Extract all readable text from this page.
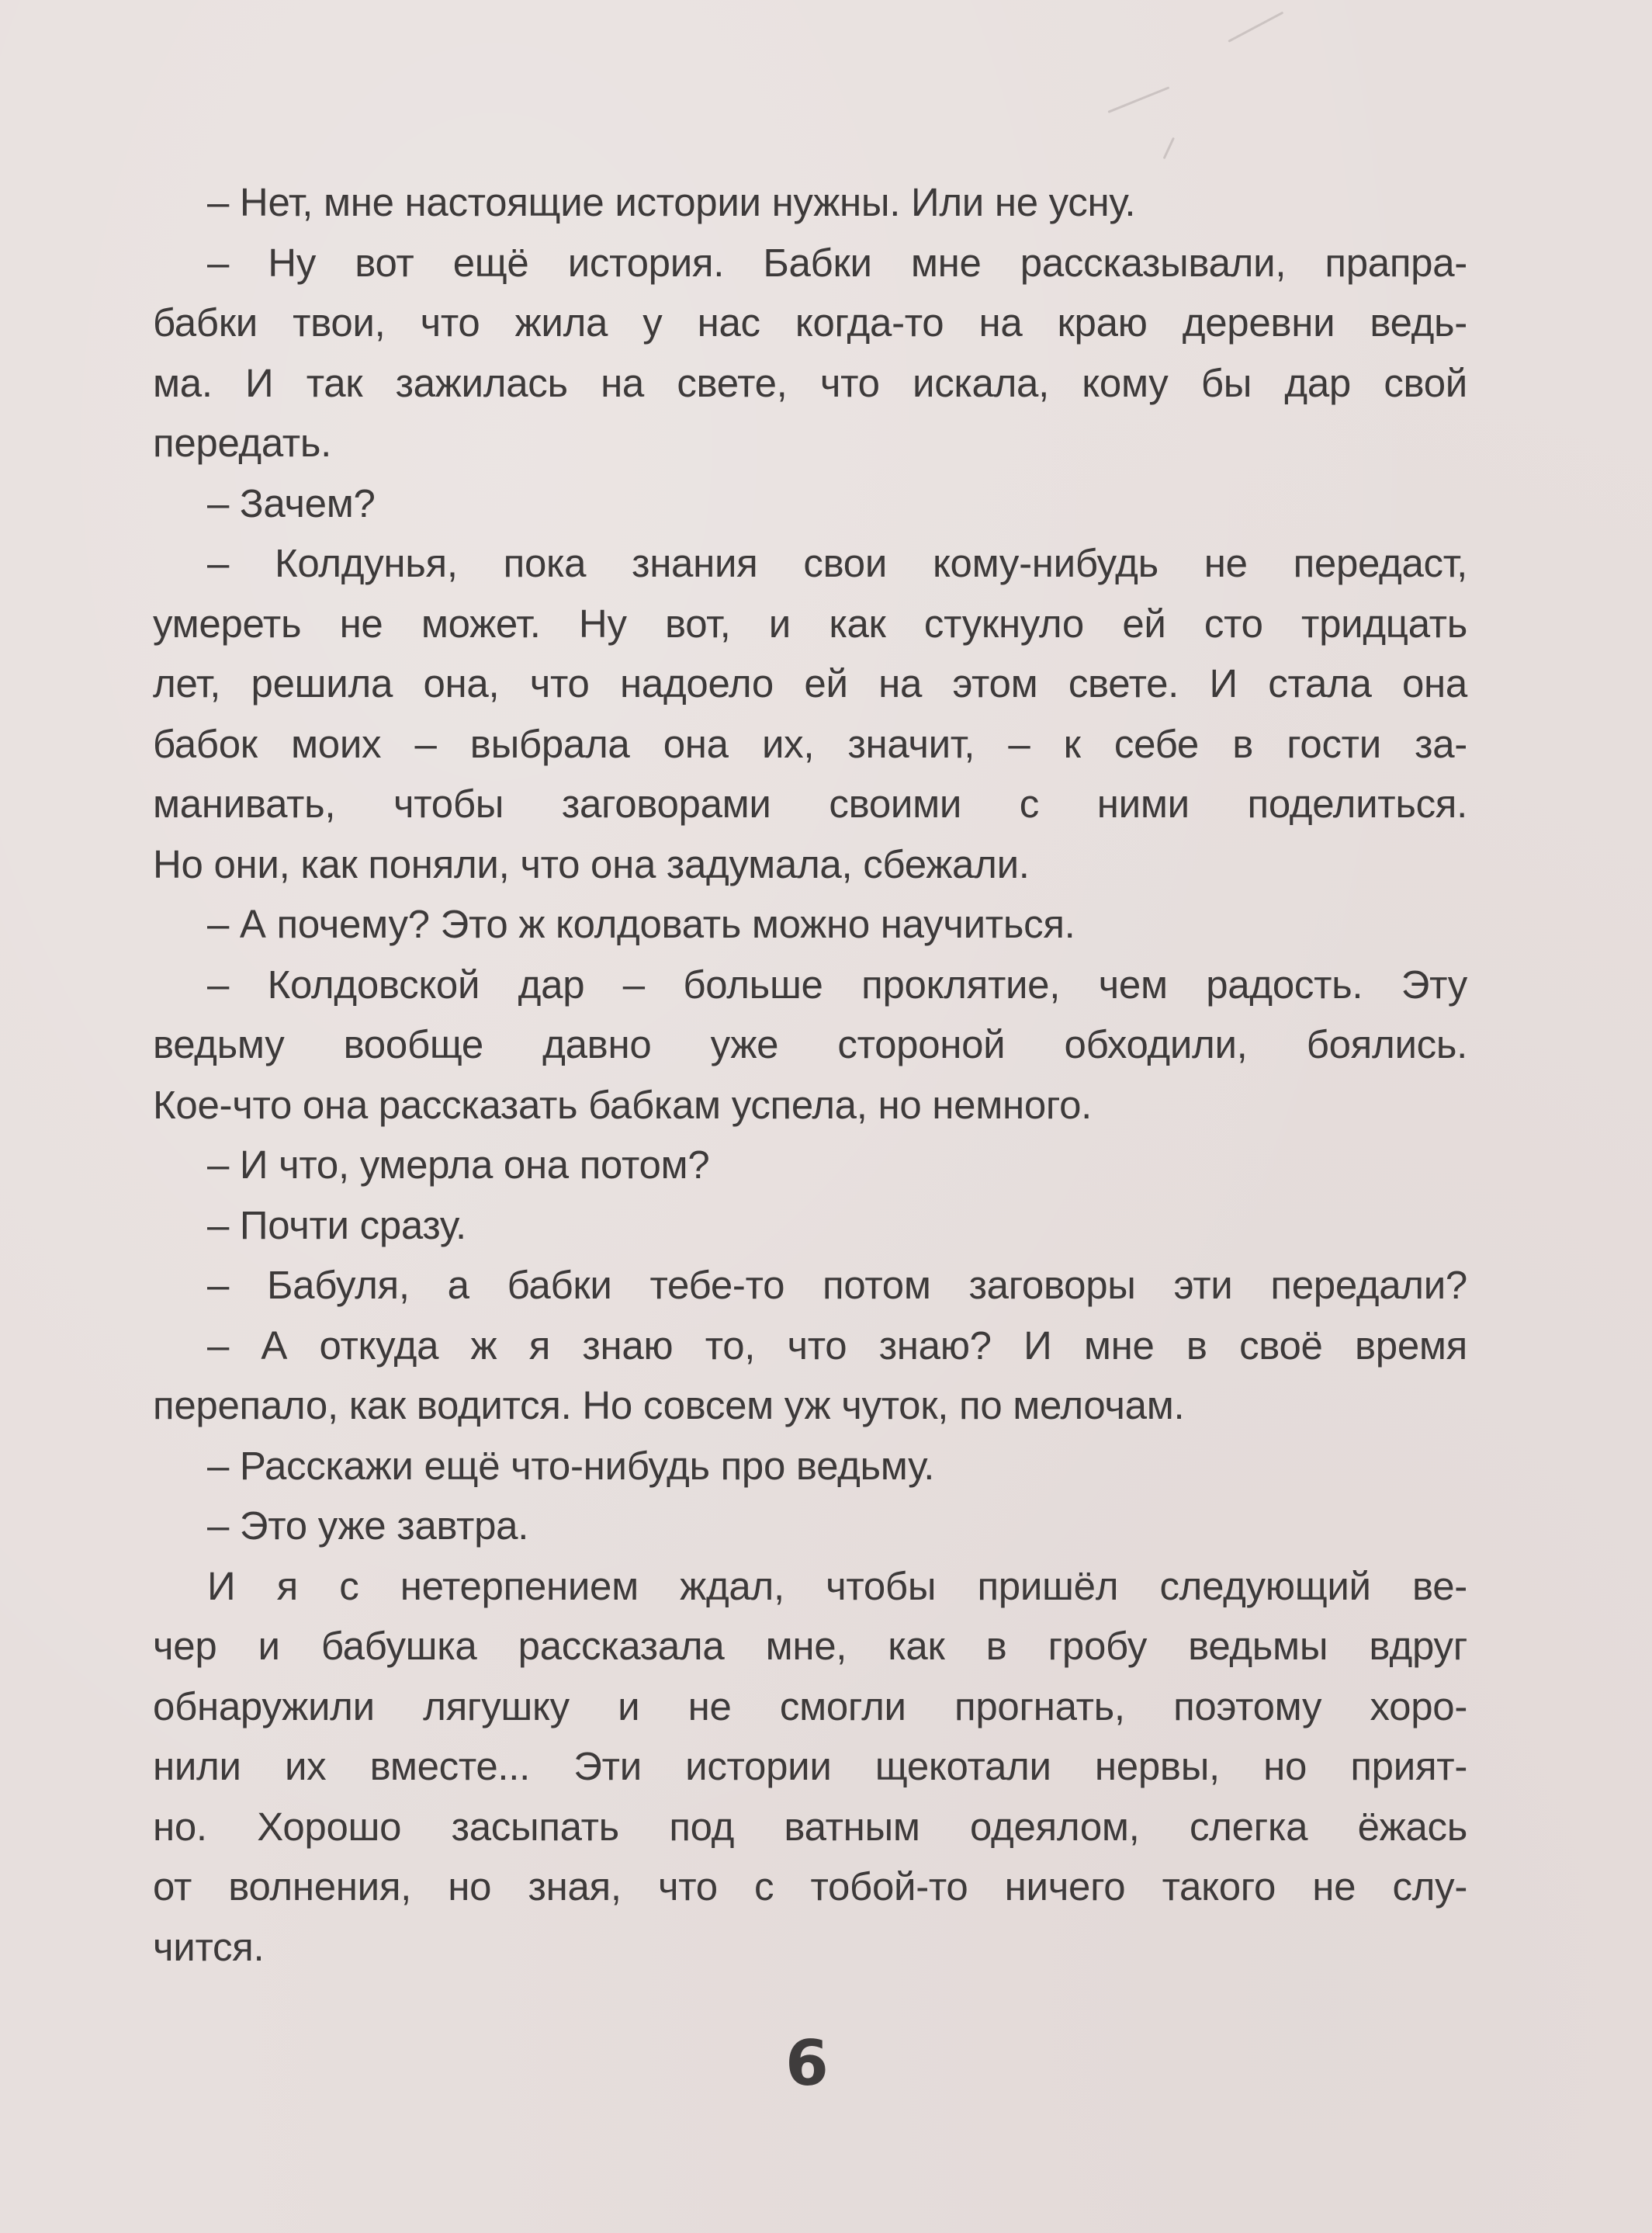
– Нет, мне настоящие истории нужны. Или не усну.
– Ну вот ещё история. Бабки мне рассказывали, прапра-
бабки твои, что жила у нас когда-то на краю деревни ведь-
ма. И так зажилась на свете, что искала, кому бы дар свой
передать.
– Зачем?
– Колдунья, пока знания свои кому-нибудь не передаст,
умереть не может. Ну вот, и как стукнуло ей сто тридцать
лет, решила она, что надоело ей на этом свете. И стала она
бабок моих – выбрала она их, значит, – к себе в гости за-
манивать, чтобы заговорами своими с ними поделиться.
Но они, как поняли, что она задумала, сбежали.
– А почему? Это ж колдовать можно научиться.
– Колдовской дар – больше проклятие, чем радость. Эту
ведьму вообще давно уже стороной обходили, боялись.
Кое-что она рассказать бабкам успела, но немного.
– И что, умерла она потом?
– Почти сразу.
– Бабуля, а бабки тебе-то потом заговоры эти передали?
– А откуда ж я знаю то, что знаю? И мне в своё время
перепало, как водится. Но совсем уж чуток, по мелочам.
– Расскажи ещё что-нибудь про ведьму.
– Это уже завтра.
И я с нетерпением ждал, чтобы пришёл следующий ве-
чер и бабушка рассказала мне, как в гробу ведьмы вдруг
обнаружили лягушку и не смогли прогнать, поэтому хоро-
нили их вместе... Эти истории щекотали нервы, но прият-
но. Хорошо засыпать под ватным одеялом, слегка ёжась
от волнения, но зная, что с тобой-то ничего такого не слу-
чится.
6
